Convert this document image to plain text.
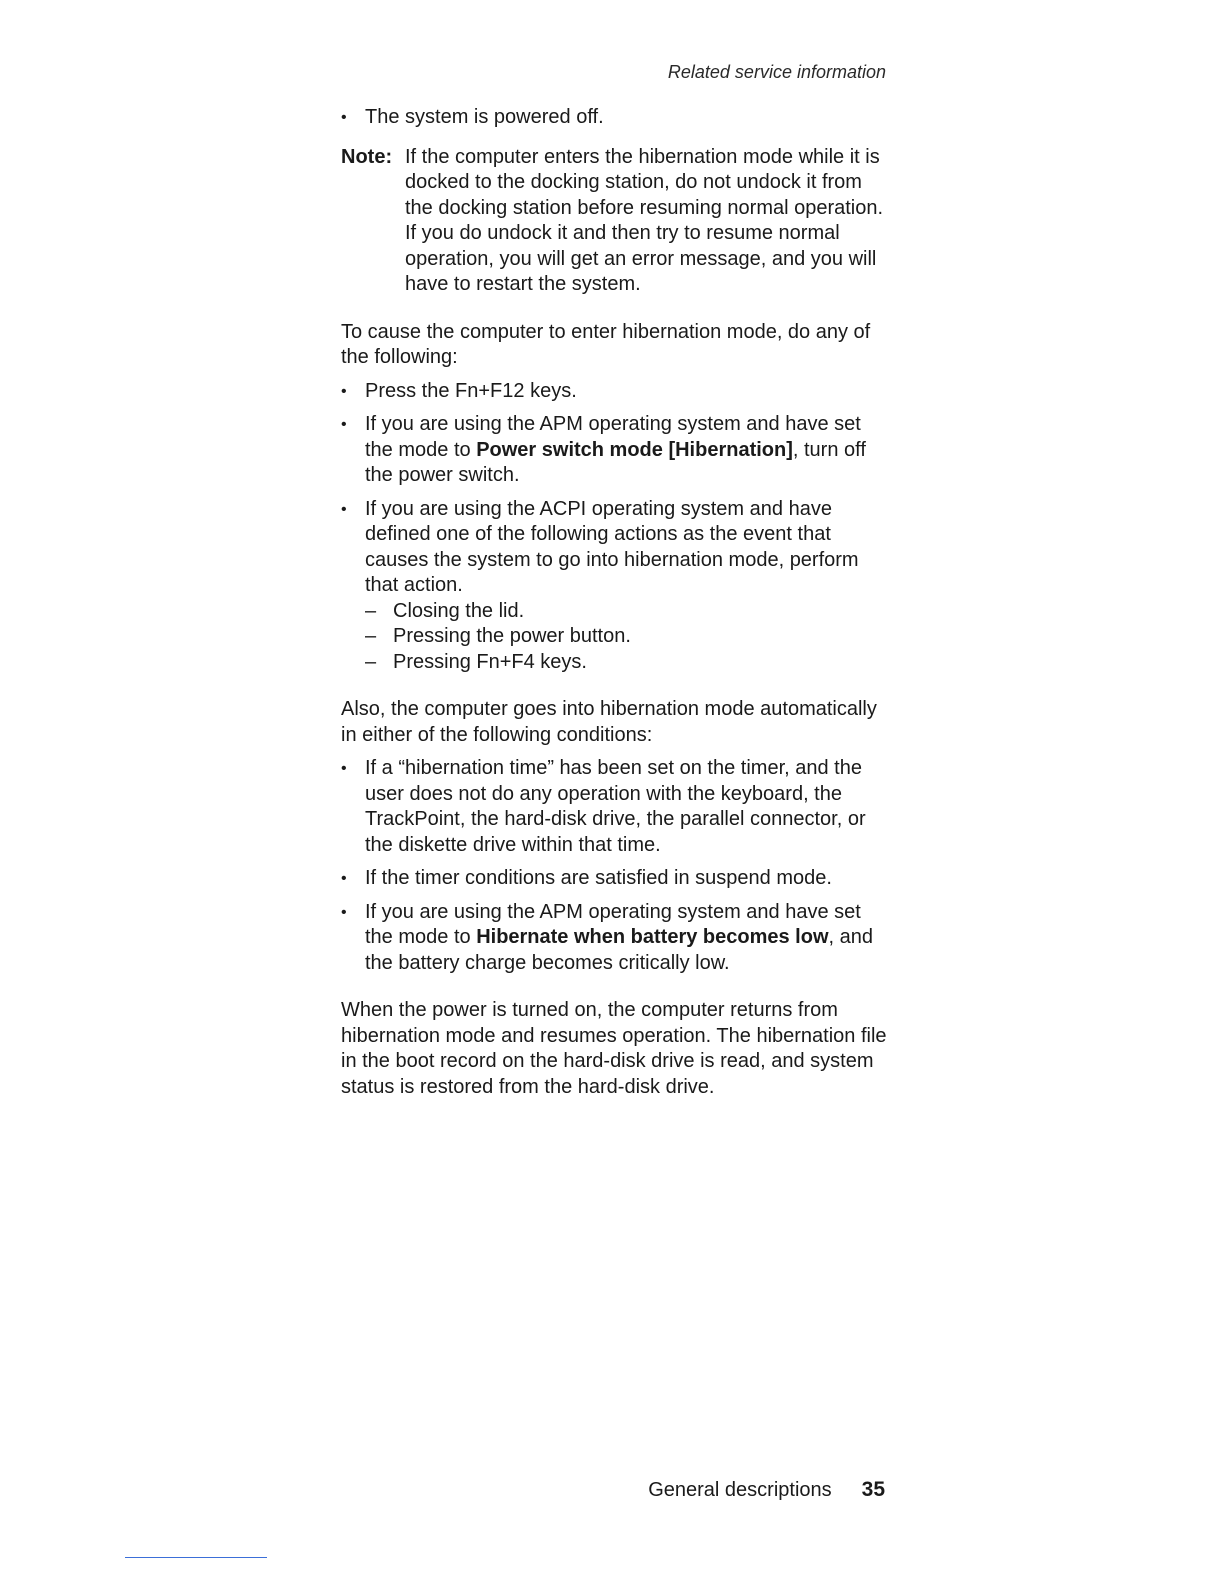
Related service information
• The system is powered off.
Note: If the computer enters the hibernation mode while it is docked to the docking station, do not undock it from the docking station before resuming normal operation. If you do undock it and then try to resume normal operation, you will get an error message, and you will have to restart the system.
To cause the computer to enter hibernation mode, do any of the following:
• Press the Fn+F12 keys.
• If you are using the APM operating system and have set the mode to Power switch mode [Hibernation], turn off the power switch.
• If you are using the ACPI operating system and have defined one of the following actions as the event that causes the system to go into hibernation mode, perform that action.
– Closing the lid.
– Pressing the power button.
– Pressing Fn+F4 keys.
Also, the computer goes into hibernation mode automatically in either of the following conditions:
• If a “hibernation time” has been set on the timer, and the user does not do any operation with the keyboard, the TrackPoint, the hard-disk drive, the parallel connector, or the diskette drive within that time.
• If the timer conditions are satisfied in suspend mode.
• If you are using the APM operating system and have set the mode to Hibernate when battery becomes low, and the battery charge becomes critically low.
When the power is turned on, the computer returns from hibernation mode and resumes operation. The hibernation file in the boot record on the hard-disk drive is read, and system status is restored from the hard-disk drive.
General descriptions 35
